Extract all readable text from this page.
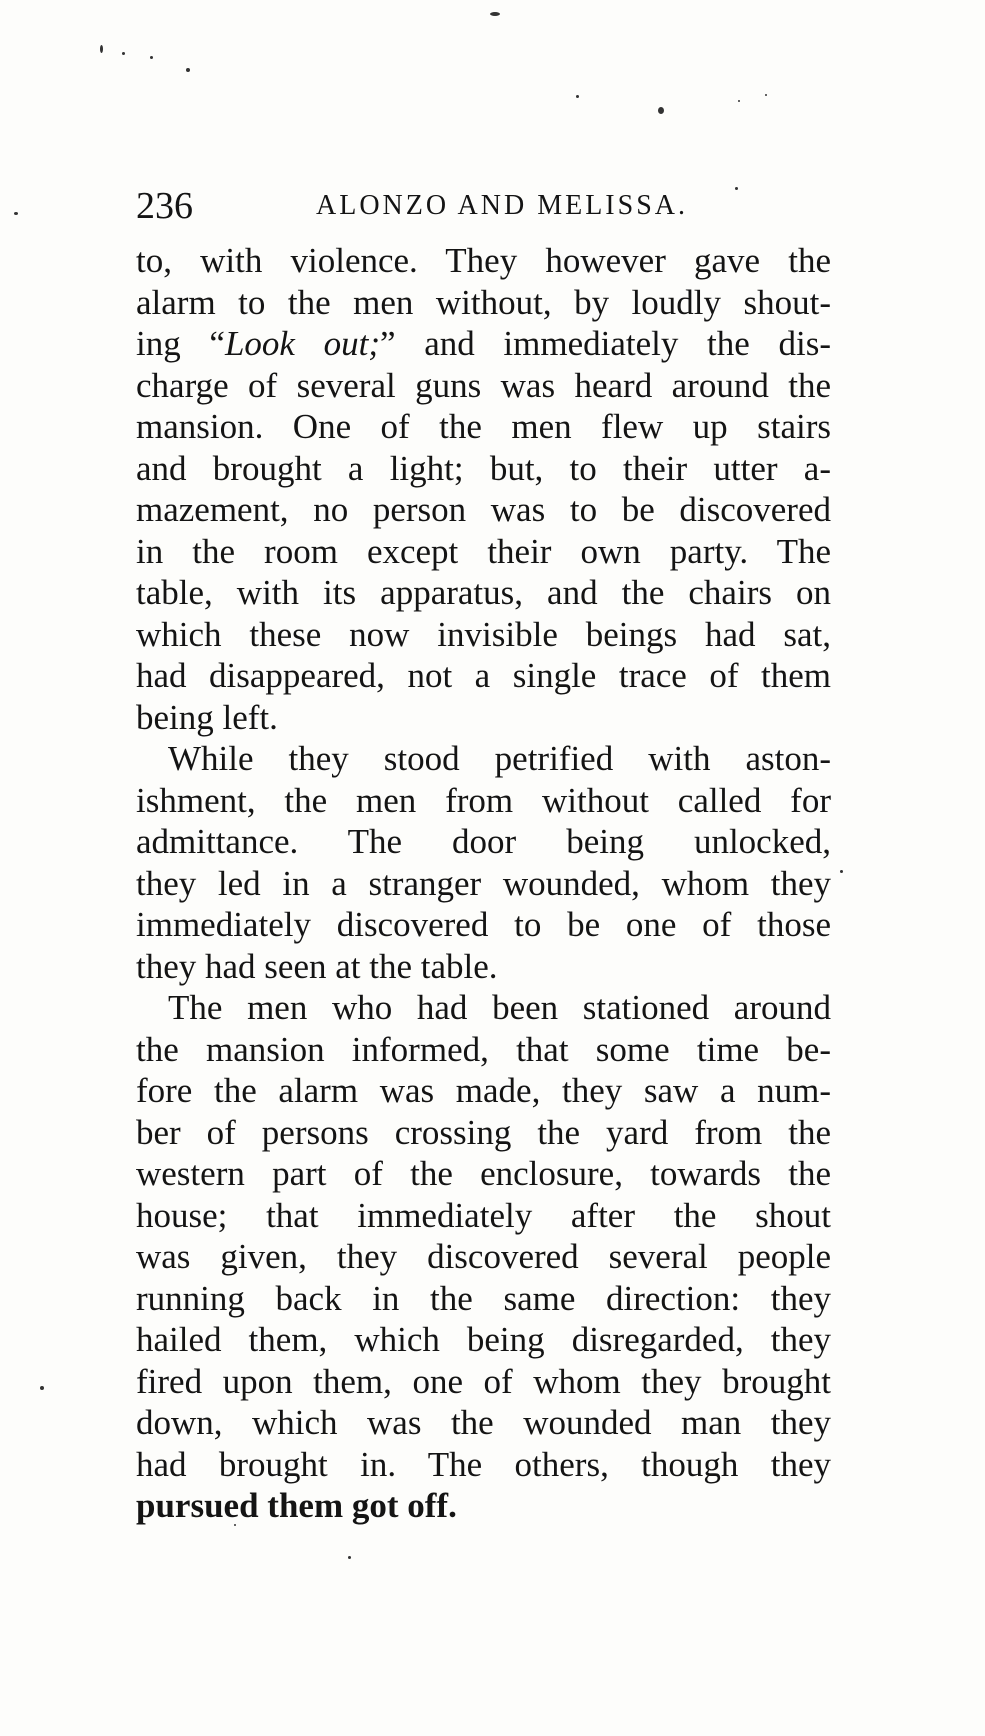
236	ALONZO AND MELISSA.
to, with violence. They however gave the
alarm to the men without, by loudly shout-
ing “Look out;” and immediately the dis-
charge of several guns was heard around the
mansion. One of the men flew up stairs
and brought a light; but, to their utter a-
mazement, no person was to be discovered
in the room except their own party. The
table, with its apparatus, and the chairs on
which these now invisible beings had sat,
had disappeared, not a single trace of them
being left.
While they stood petrified with aston-
ishment, the men from without called for
admittance. The door being unlocked,
they led in a stranger wounded, whom they
immediately discovered to be one of those
they had seen at the table.
The men who had been stationed around
the mansion informed, that some time be-
fore the alarm was made, they saw a num-
ber of persons crossing the yard from the
western part of the enclosure, towards the
house; that immediately after the shout
was given, they discovered several people
running back in the same direction: they
hailed them, which being disregarded, they
fired upon them, one of whom they brought
down, which was the wounded man they
had brought in. The others, though they
pursued them got off.
